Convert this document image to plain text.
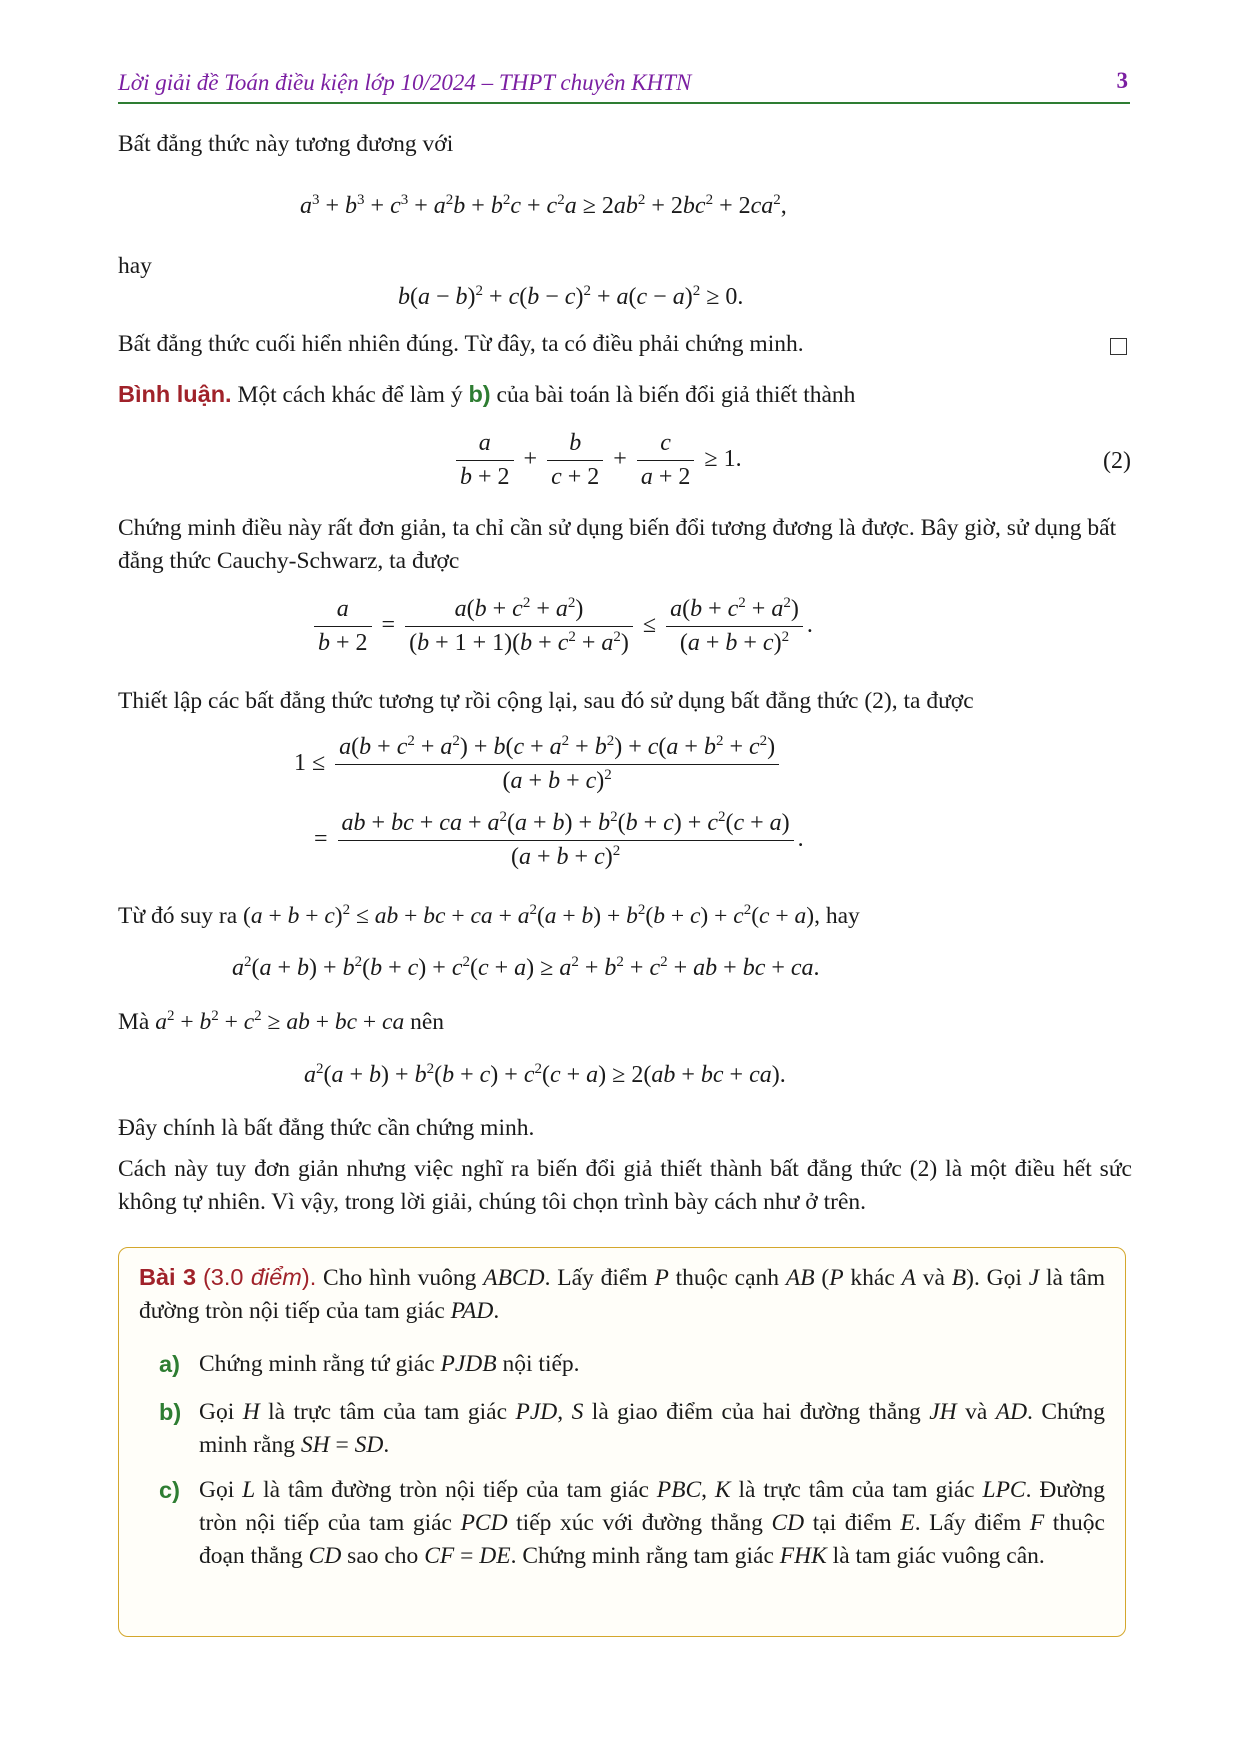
Lời giải đề Toán điều kiện lớp 10/2024 – THPT chuyên KHTN	3
Bất đẳng thức này tương đương với
$a^3 + b^3 + c^3 + a^2b + b^2c + c^2a \ge 2ab^2 + 2bc^2 + 2ca^2$,
hay
$b(a - b)^2 + c(b - c)^2 + a(c - a)^2 \ge 0$.
Bất đẳng thức cuối hiển nhiên đúng. Từ đây, ta có điều phải chứng minh.
Bình luận. Một cách khác để làm ý b) của bài toán là biến đổi giả thiết thành
$\frac{a}{b + 2} + \frac{b}{c + 2} + \frac{c}{a + 2} \ge 1$.	(2)
Chứng minh điều này rất đơn giản, ta chỉ cần sử dụng biến đổi tương đương là được. Bây giờ, sử dụng bất đẳng thức Cauchy-Schwarz, ta được
$\frac{a}{b + 2} = \frac{a(b + c^2 + a^2)}{(b + 1 + 1)(b + c^2 + a^2)} \le \frac{a(b + c^2 + a^2)}{(a + b + c)^2}$ .
Thiết lập các bất đẳng thức tương tự rồi cộng lại, sau đó sử dụng bất đẳng thức (2), ta được
$1 \le \frac{a(b + c^2 + a^2) + b(c + a^2 + b^2) + c(a + b^2 + c^2)}{(a + b + c)^2}$
= $\frac{ab + bc + ca + a^2(a + b) + b^2(b + c) + c^2(c + a)}{(a + b + c)^2}$ .
Từ đó suy ra $(a + b + c)^2$ ≤ ab + bc + ca + $a^2(a + b) + b^2(b + c) + c^2(c + a)$, hay
$a^2(a + b) + b^2(b + c) + c^2(c + a) \ge a^2 + b^2 + c^2$ + ab + bc + ca.
Mà $a^2 + b^2 + c^2$ ≥ ab + bc + ca nên
$a^2(a + b) + b^2(b + c) + c^2(c + a) \ge 2(ab$ + bc + ca).
Đây chính là bất đẳng thức cần chứng minh.
Cách này tuy đơn giản nhưng việc nghĩ ra biến đổi giả thiết thành bất đẳng thức (2) là một điều hết sức không tự nhiên. Vì vậy, trong lời giải, chúng tôi chọn trình bày cách như ở trên.
Bài 3 (3.0 điểm). Cho hình vuông ABCD. Lấy điểm P thuộc cạnh AB (P khác A và B). Gọi J là tâm đường tròn nội tiếp của tam giác PAD.
a) Chứng minh rằng tứ giác PJDB nội tiếp.
b) Gọi H là trực tâm của tam giác PJD, S là giao điểm của hai đường thẳng JH và AD. Chứng minh rằng SH = SD.
c) Gọi L là tâm đường tròn nội tiếp của tam giác PBC, K là trực tâm của tam giác LPC. Đường tròn nội tiếp của tam giác PCD tiếp xúc với đường thẳng CD tại điểm E. Lấy điểm F thuộc đoạn thẳng CD sao cho CF = DE. Chứng minh rằng tam giác FHK là tam giác vuông cân.
